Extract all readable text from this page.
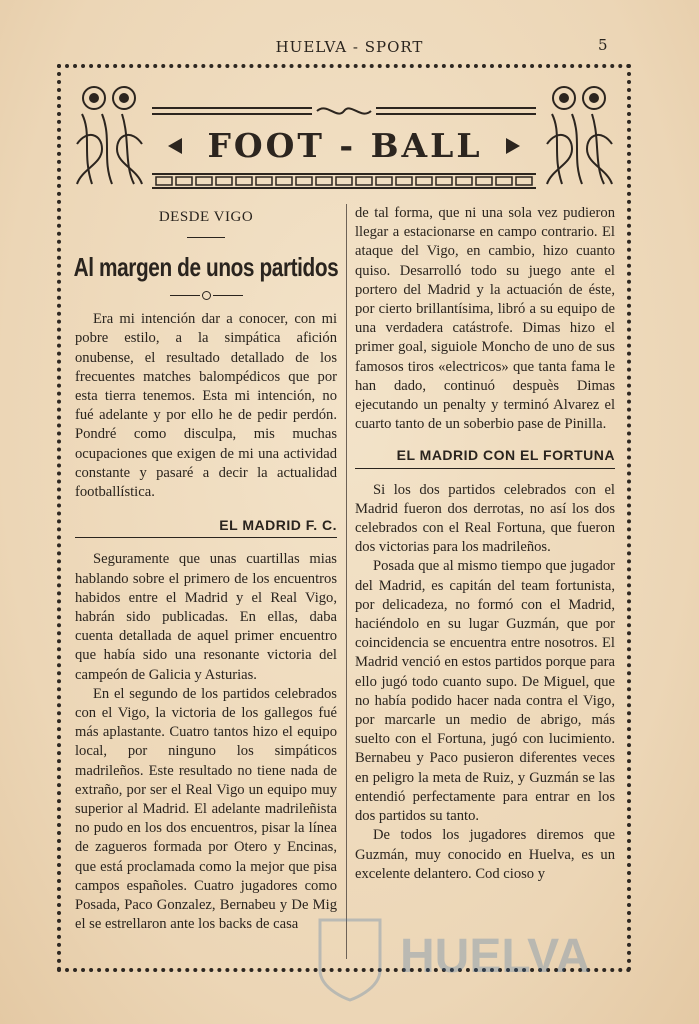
HUELVA - SPORT	5
FOOT - BALL
DESDE VIGO
Al margen de unos partidos

Era mi intención dar a conocer, con mi pobre estilo, a la simpática afición onubense, el resultado detallado de los frecuentes matches balompédicos que por esta tierra tenemos. Esta mi intención, no fué adelante y por ello he de pedir perdón. Pondré como disculpa, mis muchas ocupaciones que exigen de mi una actividad constante y pasaré a decir la actualidad footballística.

EL MADRID F. C.

Seguramente que unas cuartillas mias hablando sobre el primero de los encuentros habidos entre el Madrid y el Real Vigo, habrán sido publicadas. En ellas, daba cuenta detallada de aquel primer encuentro que había sido una resonante victoria del campeón de Galicia y Asturias.

En el segundo de los partidos celebrados con el Vigo, la victoria de los gallegos fué más aplastante. Cuatro tantos hizo el equipo local, por ninguno los simpáticos madrileños. Este resultado no tiene nada de extraño, por ser el Real Vigo un equipo muy superior al Madrid. El adelante madrileñista no pudo en los dos encuentros, pisar la línea de zagueros formada por Otero y Encinas, que está proclamada como la mejor que pisa campos españoles. Cuatro jugadores como Posada, Paco Gonzalez, Bernabeu y De Mig el se estrellaron ante los backs de casa

de tal forma, que ni una sola vez pudieron llegar a estacionarse en campo contrario. El ataque del Vigo, en cambio, hizo cuanto quiso. Desarrolló todo su juego ante el portero del Madrid y la actuación de éste, por cierto brillantísima, libró a su equipo de una verdadera catástrofe. Dimas hizo el primer goal, siguiole Moncho de uno de sus famosos tiros «electricos» que tanta fama le han dado, continuó despuès Dimas ejecutando un penalty y terminó Alvarez el cuarto tanto de un soberbio pase de Pinilla.

EL MADRID CON EL FORTUNA

Si los dos partidos celebrados con el Madrid fueron dos derrotas, no así los dos celebrados con el Real Fortuna, que fueron dos victorias para los madrileños.

Posada que al mismo tiempo que jugador del Madrid, es capitán del team fortunista, por delicadeza, no formó con el Madrid, haciéndolo en su lugar Guzmán, que por coincidencia se encuentra entre nosotros. El Madrid venció en estos partidos porque para ello jugó todo cuanto supo. De Miguel, que no había podido hacer nada contra el Vigo, por marcarle un medio de abrigo, más suelto con el Fortuna, jugó con lucimiento. Bernabeu y Paco pusieron diferentes veces en peligro la meta de Ruiz, y Guzmán se las entendió perfectamente para entrar en los dos partidos su tanto.

De todos los jugadores diremos que Guzmán, muy conocido en Huelva, es un excelente delantero. Cod cioso y

HUELVA
